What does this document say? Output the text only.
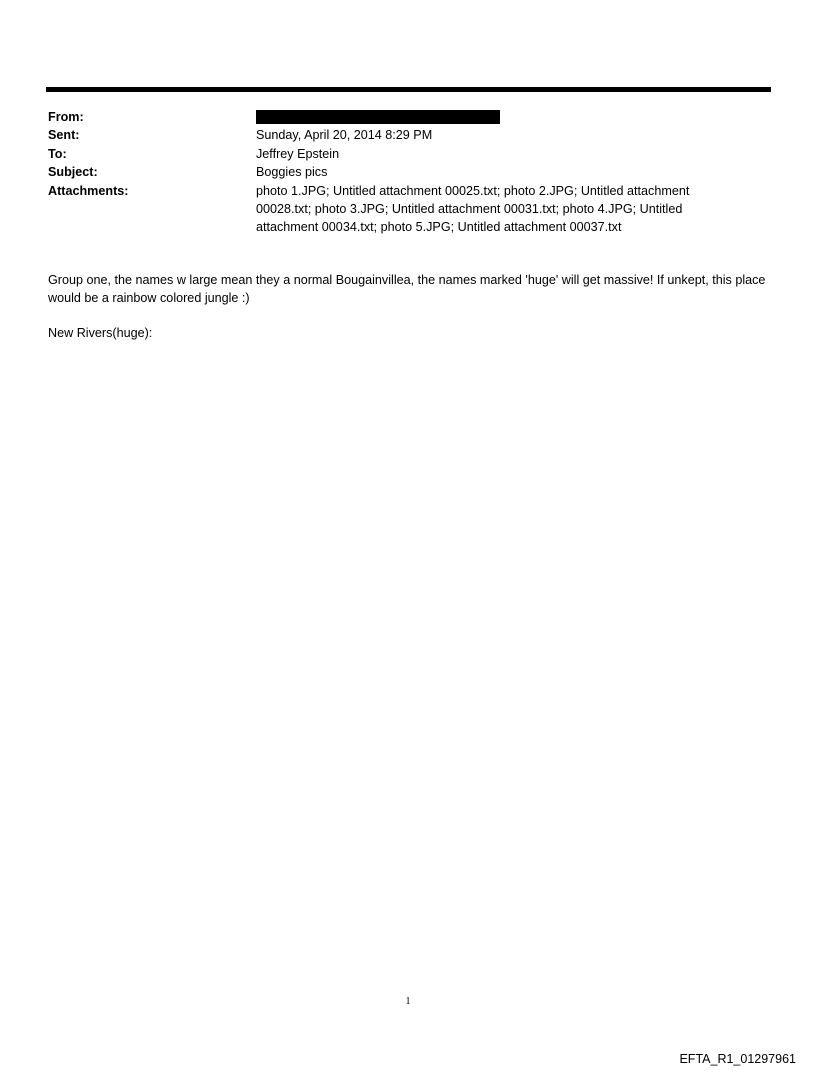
From:
Sent:	Sunday, April 20, 2014 8:29 PM
To:	Jeffrey Epstein
Subject:	Boggies pics
Attachments:	photo 1.JPG; Untitled attachment 00025.txt; photo 2.JPG; Untitled attachment 00028.txt; photo 3.JPG; Untitled attachment 00031.txt; photo 4.JPG; Untitled attachment 00034.txt; photo 5.JPG; Untitled attachment 00037.txt

Group one, the names w large mean they a normal Bougainvillea, the names marked 'huge' will get massive! If unkept, this place would be a rainbow colored jungle :)

New Rivers(huge):

1
EFTA_R1_01297961
